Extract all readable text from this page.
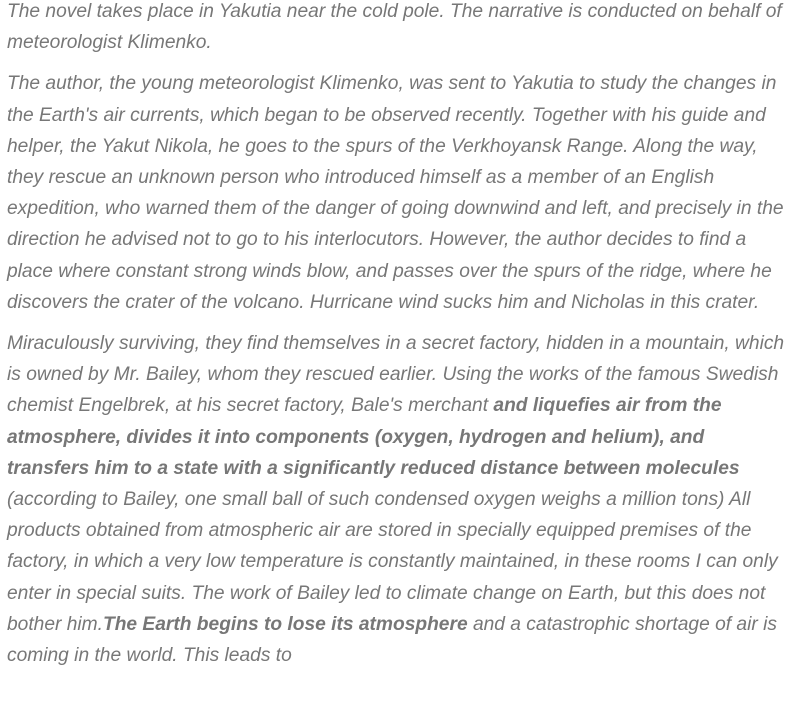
The novel takes place in Yakutia near the cold pole. The narrative is conducted on behalf of meteorologist Klimenko.

The author, the young meteorologist Klimenko, was sent to Yakutia to study the changes in the Earth's air currents, which began to be observed recently. Together with his guide and helper, the Yakut Nikola, he goes to the spurs of the Verkhoyansk Range. Along the way, they rescue an unknown person who introduced himself as a member of an English expedition, who warned them of the danger of going downwind and left, and precisely in the direction he advised not to go to his interlocutors. However, the author decides to find a place where constant strong winds blow, and passes over the spurs of the ridge, where he discovers the crater of the volcano. Hurricane wind sucks him and Nicholas in this crater.

Miraculously surviving, they find themselves in a secret factory, hidden in a mountain, which is owned by Mr. Bailey, whom they rescued earlier. Using the works of the famous Swedish chemist Engelbrek, at his secret factory, Bale's merchant and liquefies air from the atmosphere, divides it into components (oxygen, hydrogen and helium), and transfers him to a state with a significantly reduced distance between molecules (according to Bailey, one small ball of such condensed oxygen weighs a million tons) All products obtained from atmospheric air are stored in specially equipped premises of the factory, in which a very low temperature is constantly maintained, in these rooms I can only enter in special suits. The work of Bailey led to climate change on Earth, but this does not bother him.The Earth begins to lose its atmosphere and a catastrophic shortage of air is coming in the world. This leads to
